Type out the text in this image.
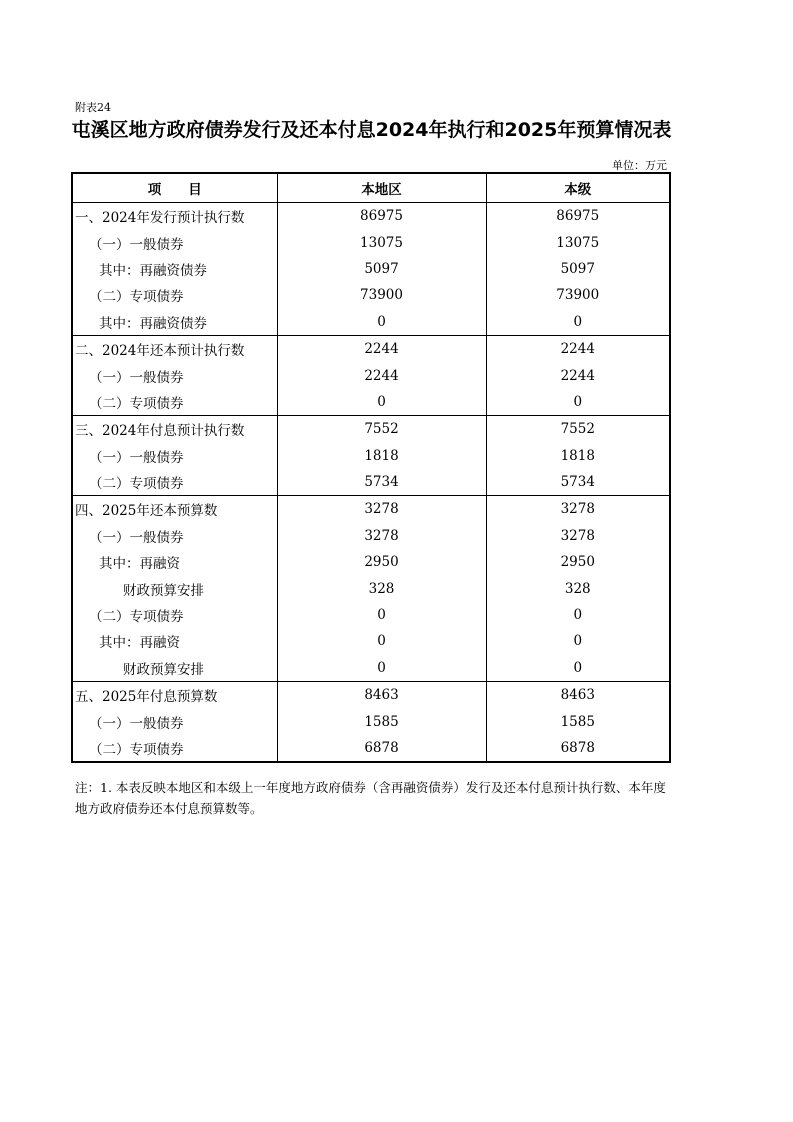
附表24
屯溪区地方政府债券发行及还本付息2024年执行和2025年预算情况表
单位：万元
项　　目	本地区	本级
一、2024年发行预计执行数	86975	86975
（一）一般债券	13075	13075
其中：再融资债券	5097	5097
（二）专项债券	73900	73900
其中：再融资债券	0	0
二、2024年还本预计执行数	2244	2244
（一）一般债券	2244	2244
（二）专项债券	0	0
三、2024年付息预计执行数	7552	7552
（一）一般债券	1818	1818
（二）专项债券	5734	5734
四、2025年还本预算数	3278	3278
（一）一般债券	3278	3278
其中：再融资	2950	2950
财政预算安排	328	328
（二）专项债券	0	0
其中：再融资	0	0
财政预算安排	0	0
五、2025年付息预算数	8463	8463
（一）一般债券	1585	1585
（二）专项债券	6878	6878
注：1. 本表反映本地区和本级上一年度地方政府债券（含再融资债券）发行及还本付息预计执行数、本年度地方政府债券还本付息预算数等。
